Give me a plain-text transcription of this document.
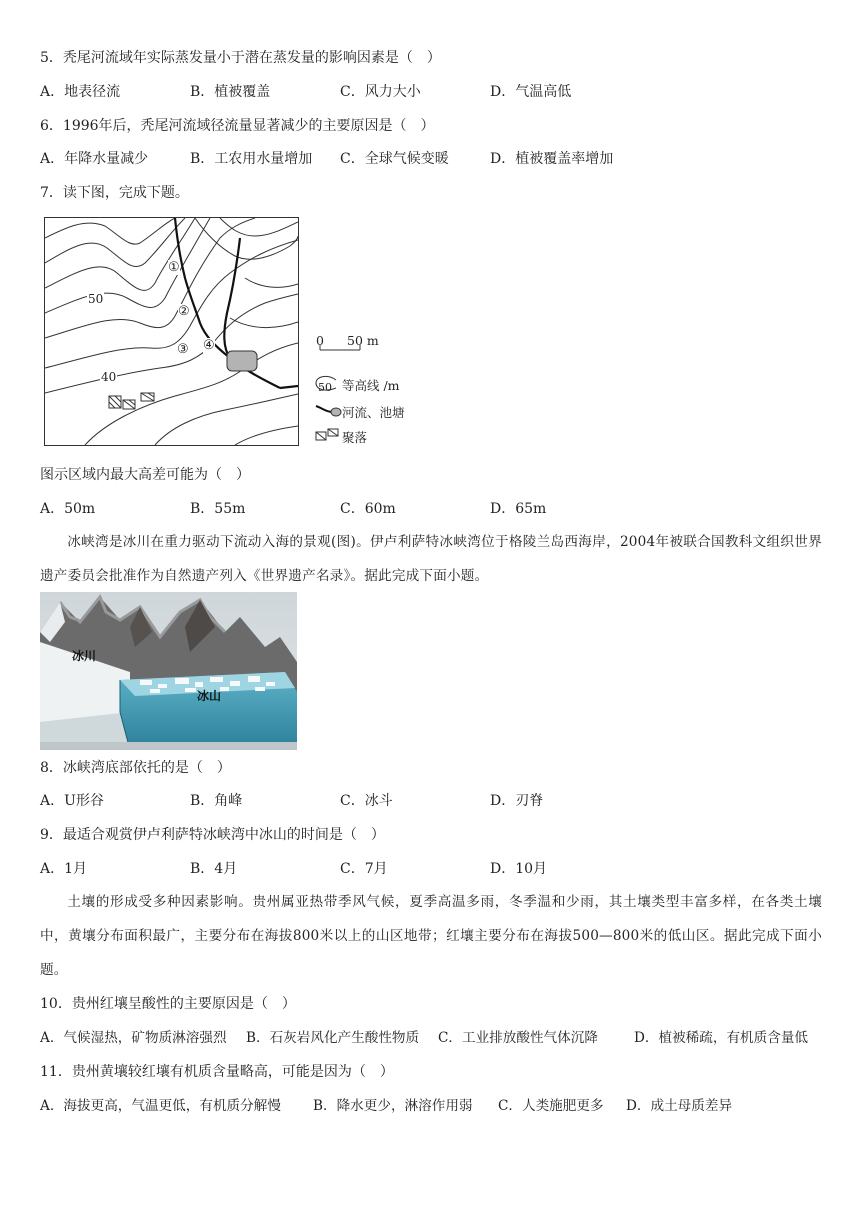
5．秃尾河流域年实际蒸发量小于潜在蒸发量的影响因素是（　）
A．地表径流	B．植被覆盖	C．风力大小	D．气温高低
6．1996年后，秃尾河流域径流量显著减少的主要原因是（　）
A．年降水量减少	B．工农用水量增加 C．全球气候变暖	D．植被覆盖率增加
7．读下图，完成下题。
50
40
①
②
③ ④	0 50 m
50 等高线 /m
河流、池塘
聚落
图示区域内最大高差可能为（　）
A．50m	B．55m	C．60m	D．65m
冰峡湾是冰川在重力驱动下流动入海的景观(图)。伊卢利萨特冰峡湾位于格陵兰岛西海岸，2004年被联合国教科文组织世界遗产委员会批准作为自然遗产列入《世界遗产名录》。据此完成下面小题。
冰川
冰山
8．冰峡湾底部依托的是（　）
A．U形谷	B．角峰	C．冰斗	D．刃脊
9．最适合观赏伊卢利萨特冰峡湾中冰山的时间是（　）
A．1月	B．4月	C．7月	D．10月
土壤的形成受多种因素影响。贵州属亚热带季风气候，夏季高温多雨，冬季温和少雨，其土壤类型丰富多样，在各类土壤中，黄壤分布面积最广，主要分布在海拔800米以上的山区地带；红壤主要分布在海拔500—800米的低山区。据此完成下面小题。
10．贵州红壤呈酸性的主要原因是（　）
A．气候湿热，矿物质淋溶强烈 B．石灰岩风化产生酸性物质 C．工业排放酸性气体沉降	D．植被稀疏，有机质含量低
11．贵州黄壤较红壤有机质含量略高，可能是因为（　）
A．海拔更高，气温更低，有机质分解慢 B．降水更少，淋溶作用弱 C．人类施肥更多 D．成土母质差异
